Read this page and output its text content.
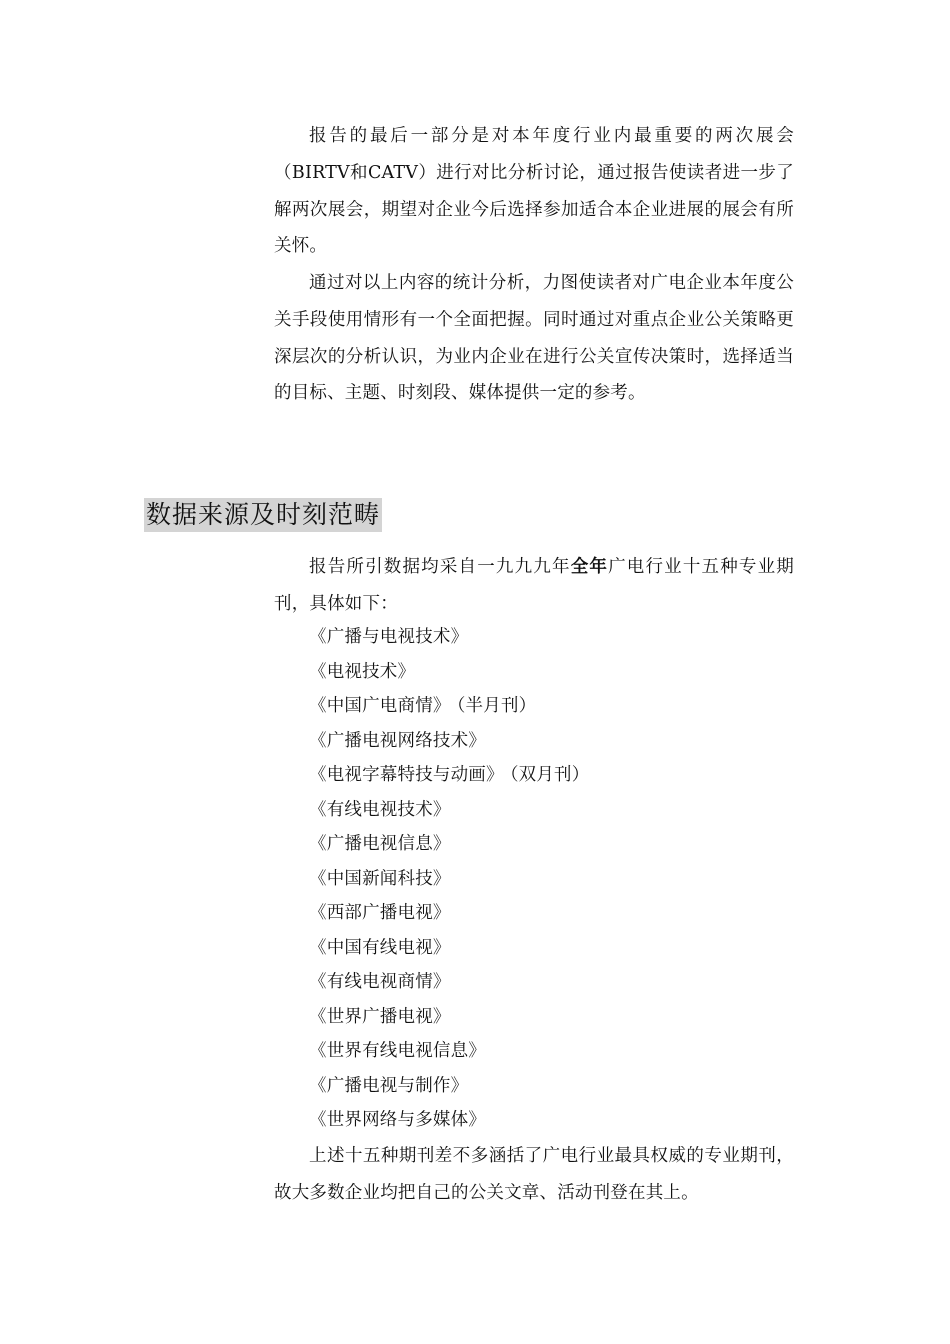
报告的最后一部分是对本年度行业内最重要的两次展会（BIRTV和CATV）进行对比分析讨论，通过报告使读者进一步了解两次展会，期望对企业今后选择参加适合本企业进展的展会有所关怀。

通过对以上内容的统计分析，力图使读者对广电企业本年度公关手段使用情形有一个全面把握。同时通过对重点企业公关策略更深层次的分析认识，为业内企业在进行公关宣传决策时，选择适当的目标、主题、时刻段、媒体提供一定的参考。

数据来源及时刻范畴

报告所引数据均采自一九九九年全年广电行业十五种专业期刊，具体如下：

《广播与电视技术》
《电视技术》
《中国广电商情》 （半月刊）
《广播电视网络技术》
《电视字幕特技与动画》 （双月刊）
《有线电视技术》
《广播电视信息》
《中国新闻科技》
《西部广播电视》
《中国有线电视》
《有线电视商情》
《世界广播电视》
《世界有线电视信息》
《广播电视与制作》
《世界网络与多媒体》

上述十五种期刊差不多涵括了广电行业最具权威的专业期刊，故大多数企业均把自己的公关文章、活动刊登在其上。
